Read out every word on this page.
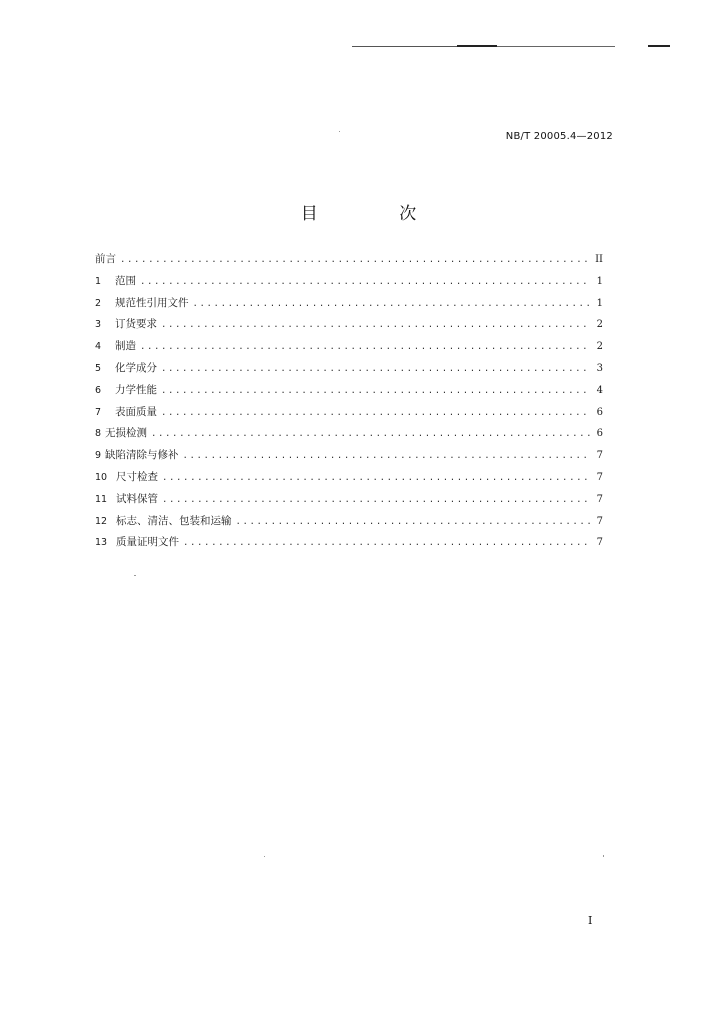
NB/T 20005.4—2012
目 次
前言 .....	II
1	范围 .....	1
2	规范性引用文件 .....	1
3	订货要求 .....	2
4	制造 .....	2
5	化学成分 .....	3
6	力学性能 .....	4
7	表面质量 .....	6
8 无损检测 .....	6
9 缺陷清除与修补 .....	7
10 尺寸检查 .....	7
11 试料保管 .....	7
12 标志、清洁、包装和运输 .....	7
13 质量证明文件 .....	7
I
